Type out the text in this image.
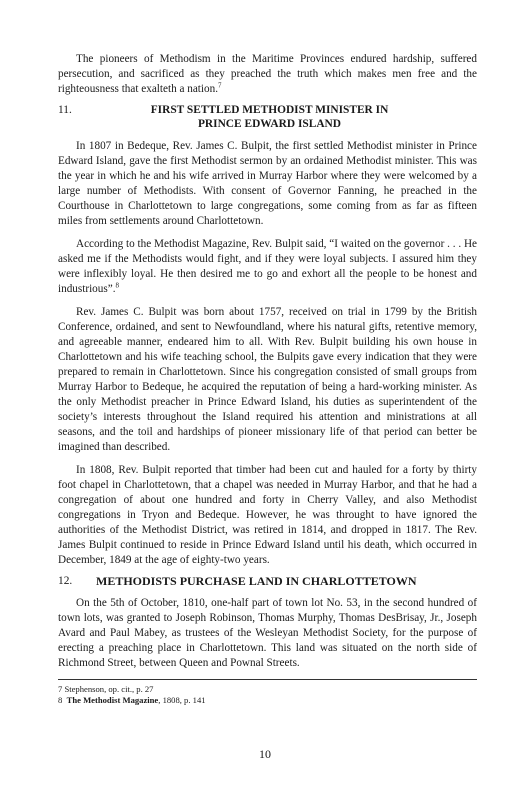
The pioneers of Methodism in the Maritime Provinces endured hardship, suffered persecution, and sacrificed as they preached the truth which makes men free and the righteousness that exalteth a nation.$^7$

11.	FIRST SETTLED METHODIST MINISTER IN
PRINCE EDWARD ISLAND

In 1807 in Bedeque, Rev. James C. Bulpit, the first settled Methodist minister in Prince Edward Island, gave the first Methodist sermon by an ordained Methodist minister. This was the year in which he and his wife arrived in Murray Harbor where they were welcomed by a large number of Methodists. With consent of Governor Fanning, he preached in the Courthouse in Charlottetown to large congregations, some coming from as far as fifteen miles from settlements around Charlottetown.

According to the Methodist Magazine, Rev. Bulpit said, “I waited on the governor . . . He asked me if the Methodists would fight, and if they were loyal subjects. I assured him they were inflexibly loyal. He then desired me to go and exhort all the people to be honest and industrious”.$^8$

Rev. James C. Bulpit was born about 1757, received on trial in 1799 by the British Conference, ordained, and sent to Newfoundland, where his natural gifts, retentive memory, and agreeable manner, endeared him to all. With Rev. Bulpit building his own house in Charlottetown and his wife teaching school, the Bulpits gave every indication that they were prepared to remain in Charlottetown. Since his congregation consisted of small groups from Murray Harbor to Bedeque, he acquired the reputation of being a hard-working minister. As the only Methodist preacher in Prince Edward Island, his duties as superintendent of the society’s interests throughout the Island required his attention and ministrations at all seasons, and the toil and hardships of pioneer missionary life of that period can better be imagined than described.

In 1808, Rev. Bulpit reported that timber had been cut and hauled for a forty by thirty foot chapel in Charlottetown, that a chapel was needed in Murray Harbor, and that he had a congregation of about one hundred and forty in Cherry Valley, and also Methodist congregations in Tryon and Bedeque. However, he was throught to have ignored the authorities of the Methodist District, was retired in 1814, and dropped in 1817. The Rev. James Bulpit continued to reside in Prince Edward Island until his death, which occurred in December, 1849 at the age of eighty-two years.

12.	METHODISTS PURCHASE LAND IN CHARLOTTETOWN

On the 5th of October, 1810, one-half part of town lot No. 53, in the second hundred of town lots, was granted to Joseph Robinson, Thomas Murphy, Thomas DesBrisay, Jr., Joseph Avard and Paul Mabey, as trustees of the Wesleyan Methodist Society, for the purpose of erecting a preaching place in Charlottetown. This land was situated on the north side of Richmond Street, between Queen and Pownal Streets.

7 Stephenson, op. cit., p. 27
8 The Methodist Magazine, 1808, p. 141
10
